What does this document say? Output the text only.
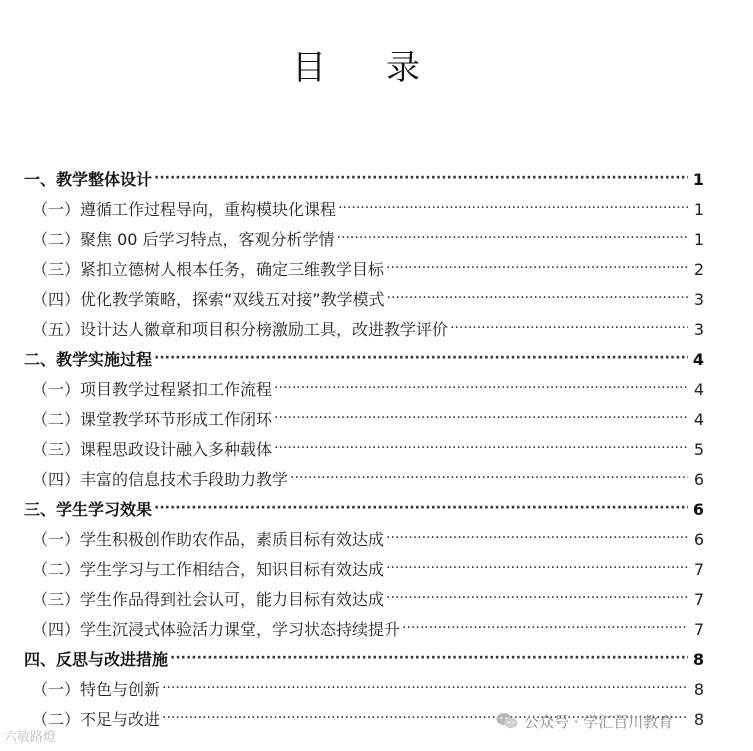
目 录
一、教学整体设计 ·····	1
（一）遵循工作过程导向，重构模块化课程 ·····	1
（二）聚焦 00 后学习特点，客观分析学情 ·····	1
（三）紧扣立德树人根本任务，确定三维教学目标 ·····	2
（四）优化教学策略，探索“双线五对接”教学模式 ·····	3
（五）设计达人徽章和项目积分榜激励工具，改进教学评价 ·····	3
二、教学实施过程 ·····	4
（一）项目教学过程紧扣工作流程 ·····	4
（二）课堂教学环节形成工作闭环 ·····	4
（三）课程思政设计融入多种载体 ·····	5
（四）丰富的信息技术手段助力教学 ·····	6
三、学生学习效果 ·····	6
（一）学生积极创作助农作品，素质目标有效达成 ·····	6
（二）学生学习与工作相结合，知识目标有效达成 ·····	7
（三）学生作品得到社会认可，能力目标有效达成 ·····	7
（四）学生沉浸式体验活力课堂，学习状态持续提升 ·····	7
四、反思与改进措施 ·····	8
（一）特色与创新 ·····	8
（二）不足与改进 ·····	8
六敏路燈
公众号 · 学汇百川教育
